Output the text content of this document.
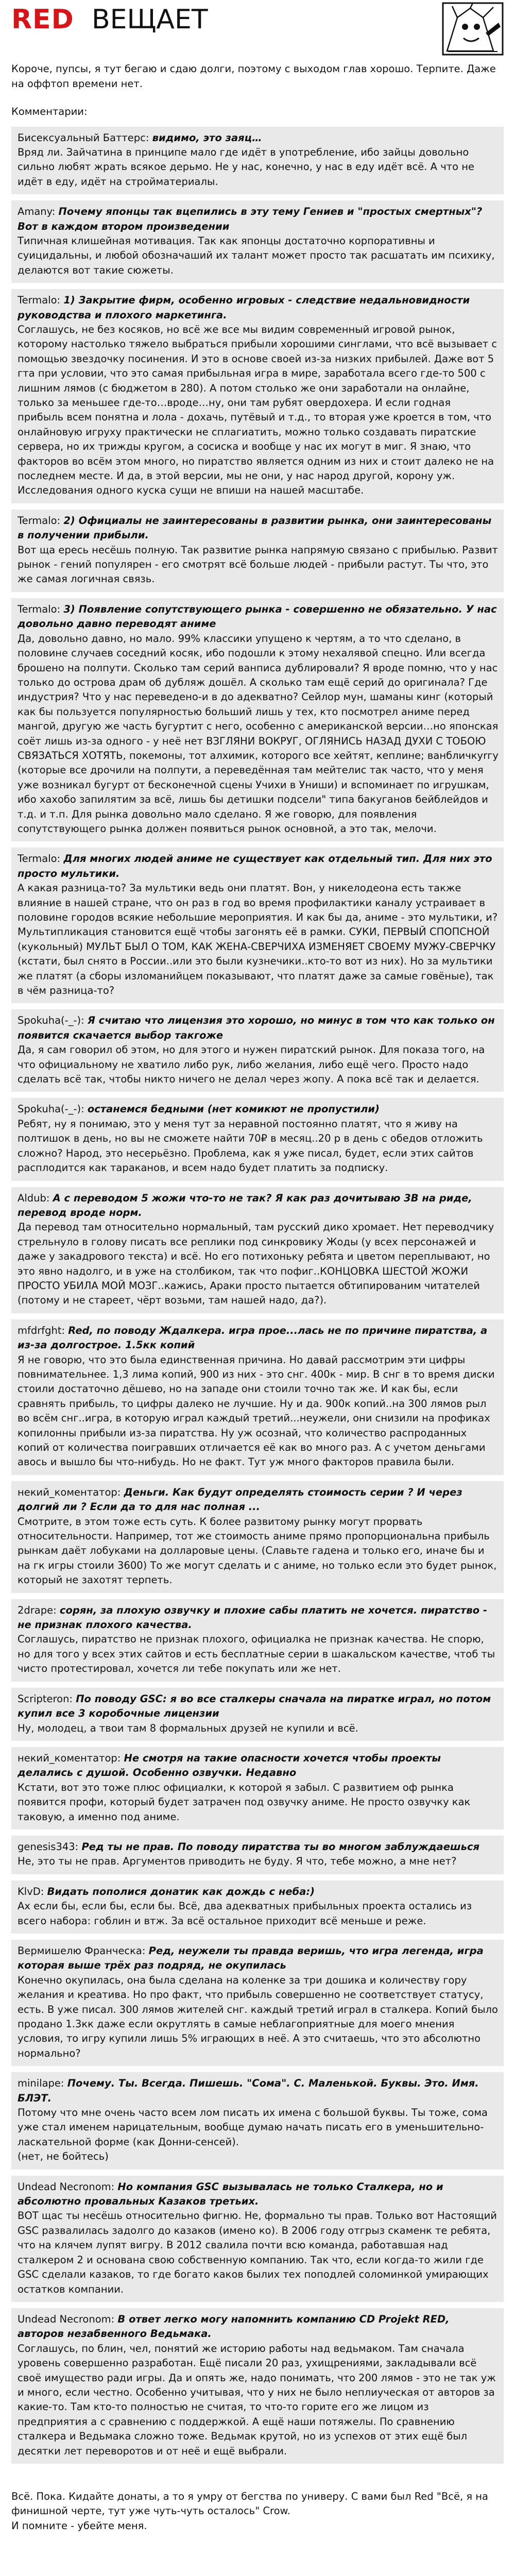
RED ВЕЩАЕТ

Короче, пупсы, я тут бегаю и сдаю долги, поэтому с выходом глав хорошо. Терпите. Даже на оффтоп времени нет.

Комментарии:

Бисексуальный Баттерс: видимо, это заяц…

Вряд ли. Зайчатина в принципе мало где идёт в употребление, ибо зайцы довольно сильно любят жрать всякое дерьмо. Не у нас, конечно, у нас в еду идёт всё. А что не идёт в еду, идёт на стройматериалы.

Amany: Почему японцы так вцепились в эту тему Гениев и "простых смертных"? Вот в каждом втором произведении

Типичная клишейная мотивация. Так как японцы достаточно корпоративны и суицидальны, и любой обозначаший их талант может просто так расшатать им психику, делаются вот такие сюжеты.

Termalo: 1) Закрытие фирм, особенно игровых - следствие недальновидности руководства и плохого маркетинга.

Соглашусь, не без косяков, но всё же все мы видим современный игровой рынок, которому настолько тяжело выбраться прибыли хорошими синглами, что всё вызывает с помощью звездочку посинения. И это в основе своей из-за низких прибылей. Даже вот 5 гта при условии, что это самая прибыльная игра в мире, заработала всего где-то 500 с лишним лямов (с бюджетом в 280). А потом столько же они заработали на онлайне, только за меньшее где-то…вроде…ну, они там рубят овердохера. И если годная прибыль всем понятна и лола - дохачь, путёвый и т.д., то вторая уже кроется в том, что онлайновую игруху практически не сплагиатить, можно только создавать пиратские сервера, но их трижды кругом, а сосиска и вообще у нас их могут в миг. Я знаю, что факторов во всём этом много, но пиратство является одним из них и стоит далеко не на последнем месте. И да, в этой версии, мы не они, у нас народ другой, корону уж. Исследования одного куска сущи не впиши на нашей масштабе.

Termalo: 2) Официалы не заинтересованы в развитии рынка, они заинтересованы в получении прибыли.

Вот ща ересь несёшь полную. Так развитие рынка напрямую связано с прибылью. Развит рынок - гений популярен - его смотрят всё больше людей - прибыли растут. Ты что, это же самая логичная связь.

Termalo: 3) Появление сопутствующего рынка - совершенно не обязательно. У нас довольно давно переводят аниме

Да, довольно давно, но мало. 99% классики упущено к чертям, а то что сделано, в половине случаев соседний косяк, ибо подошли к этому нехалявой спецно. Или всегда брошено на полпути. Сколько там серий ванписа дублировали? Я вроде помню, что у нас только до острова драм об дубляж дошёл. А сколько там ещё серий до оригинала? Где индустрия? Что у нас переведено-и в до адекватно? Сейлор мун, шаманы кинг (который как бы пользуется популярностью больший лишь у тех, кто посмотрел аниме перед мангой, другую же часть бугуртит с него, особенно с американской версии…но японская соёт лишь из-за одного - у неё нет ВЗГЛЯНИ ВОКРУГ, ОГЛЯНИСЬ НАЗАД ДУХИ С ТОБОЮ СВЯЗАТЬСЯ ХОТЯТЬ, покемоны, тот алхимик, которого все хейтят, кеплине; ванбличкуrгу (которые все дрочили на полпути, а переведённая там мейтелис так часто, что у меня уже возникал бугурт от бесконечной сцены Учихи в Униши) и вспоминает по игрушкам, ибо хахобо запилятим за всё, лишь бы детишки подсели" типа бакуганов бейблейдов и т.д. и т.п. Для рынка довольно мало сделано. Я же говорю, для появления сопутствующего рынка должен появиться рынок основной, а это так, мелочи.

Termalo: Для многих людей аниме не существует как отдельный тип. Для них это просто мультики.

А какая разница-то? За мультики ведь они платят. Вон, у никелодеона есть также влияние в нашей стране, что он раз в год во время профилактики каналу устраивает в половине городов всякие небольшие мероприятия. И как бы да, аниме - это мультики, и? Мультипликация становится ещё чтобы загонять её в рамки. СУКИ, ПЕРВЫЙ СПОПСНОЙ (кукольный) МУЛЬТ БЫЛ О ТОМ, КАК ЖЕНА-СВЕРЧИХА ИЗМЕНЯЕТ СВОЕМУ МУЖУ-СВЕРЧКУ (кстати, был снято в России..или это были кузнечики..кто-то вот из них). Но за мультики же платят (а сборы изломанийцем показывают, что платят даже за самые говёные), так в чём разница-то?

Spokuha(-_-): Я считаю что лицензия это хорошо, но минус в том что как только он появится скачается выбор такгоже

Да, я сам говорил об этом, но для этого и нужен пиратский рынок. Для показа того, на что официальному не хватило либо рук, либо желания, либо ещё чего. Просто надо сделать всё так, чтобы никто ничего не делал через жопу. А пока всё так и делается.

Spokuha(-_-): останемся бедными (нет комикют не пропустили)

Ребят, ну я понимаю, это у меня тут за неравной постоянно платят, что я живу на полтишок в день, но вы не сможете найти 70₽ в месяц..20 р в день с обедов отложить сложно? Народ, это несерьёзно. Проблема, как я уже писал, будет, если этих сайтов расплодится как тараканов, и всем надо будет платить за подписку.

Aldub: А с переводом 5 жожи что-то не так? Я как раз дочитываю 3В на ридe, перевод вроде норм.

Да перевод там относительно нормальный, там русский дико хромает. Нет переводчику стрельнуло в голову писать все реплики под синкровику Жоды (у всех персонажей и даже у закадрового текста) и всё. Но его потихоньку ребята и цветом переплывают, но это явно надолго, и в уже на столбиком, так что пофиг..КОНЦОВКА ШЕСТОЙ ЖОЖИ ПРОСТО УБИЛА МОЙ МОЗГ..кажись, Араки просто пытается обтипированим читателей (потому и не стареет, чёрт возьми, там нашей надо, да?).

mfdrfght: Red, по поводу Ждалкера. игра прое...лась не по причине пиратства, а из-за долгострое. 1.5кк копий

Я не говорю, что это была единственная причина. Но давай рассмотрим эти цифры повнимательнее. 1,3 лима копий, 900 из них - это снг. 400к - мир. В снг в то время диски стоили достаточно дёшево, но на западе они стоили точно так же. И как бы, если сравнять прибыль, то цифры далеко не лучшие. Ну и да. 900к копий..на 300 лямов рыл во всём снг..игра, в которую играл каждый третий...неужели, они снизили на профиках копилонны прибыли из-за пиратства. Ну уж осознай, что количество распроданных копий от количества поигравших отличается её как во много раз. А с учетом деньгами авось и вышло бы что-нибудь. Но не факт. Тут уж много факторов правила были.

некий_коментатор: Деньги. Как будут определять стоимость серии ? И через долгий ли ? Если да то для нас полная ...

Смотрите, в этом тоже есть суть. К более развитому рынку могут прорвать относительности. Например, тот же стоимость аниме прямо пропорциональна прибыль рынкам даёт лобуками на долларовые цены. (Славьте гадена и только его, иначе бы и на гк игры стоили 3600) То же могут сделать и с аниме, но только если это будет рынок, который не захотят терпеть.

2drape: сорян, за плохую озвучку и плохие сабы платить не хочется. пиратство - не признак плохого качества.

Соглашусь, пиратство не признак плохого, официалка не признак качества. Не спорю, но для того у всех этих сайтов и есть бесплатные серии в шакальском качестве, чтоб ты чисто протестировал, хочется ли тебе покупать или же нет.

Scripteron: По поводу GSC: я во все сталкеры сначала на пиратке играл, но потом купил все 3 коробочные лицензии

Ну, молодец, а твои там 8 формальных друзей не купили и всё.

некий_коментатор: Не смотря на такие опасности хочется чтобы проекты делались с душой. Особенно озвучки. Недавно

Кстати, вот это тоже плюс официалки, к которой я забыл. С развитием оф рынка появится профи, который будет затрачен под озвучку аниме. Не просто озвучку как таковую, а именно под аниме.

genesis343: Ред ты не прав. По поводу пиратства ты во многом заблуждаешься

Не, это ты не прав. Аргументов приводить не буду. Я что, тебе можно, а мне нет?

KlvD: Видать пополися донатик как дождь с неба:)

Ах если бы, если бы, если бы. Всё, два адекватных прибыльных проекта остались из всего набора: гоблин и втж. За всё остальное приходит всё меньше и реже.

Вермишелю Франческа: Ред, неужели ты правда веришь, что игра легенда, игра которая выше трёх раз подряд, не окупилась

Конечно окупилась, она была сделана на коленке за три дошика и количеству гору желания и креатива. Но про факт, что прибыль совершенно не соответствует статусу, есть. В уже писал. 300 лямов жителей снг. каждый третий играл в сталкера. Копий было продано 1.3кк даже если окрутлять в самые неблагоприятные для моего мнения условия, то игру купили лишь 5% играющих в неё. А это считаешь, что это абсолютно нормально?

minilape: Почему. Ты. Всегда. Пишешь. "Сома". С. Маленькой. Буквы. Это. Имя. БЛЭТ.

Потому что мне очень часто всем лом писать их имена с большой буквы. Ты тоже, сома уже стал именем нарицательным, вообще думаю начать писать его в уменьшительно-ласкательной форме (как Донни-сенсей).
(нет, не бойтесь)

Undead Necronom: Но компания GSC вызывалась не только Сталкера, но и абсолютно провальных Казаков третьих.

ВОТ щас ты несёшь относительно фигню. Не, формально ты прав. Только вот Настоящий GSC развалилась задолго до казаков (имено ко). В 2006 году отгрыз скаменк те ребята, что на клячем лупят вигру. В 2012 свалила почти всю команда, работавшая над сталкером 2 и основана свою собственную компанию. Так что, если когда-то жили где GSC сделали казаков, то где богато каков былих тех поподлей соломинкой умирающих остатков компании.

Undead Necronom: В ответ легко могу напомнить компанию CD Projekt RED, авторов незабвенного Ведьмака.

Соглашусь, по блин, чел, понятий же историю работы над ведьмаком. Там сначала уровень совершенно разработан. Ещё писали 20 раз, ухищрениями, закладывали всё своё имущество ради игры. Да и опять же, надо понимать, что 200 лямов - это не так уж и много, если честно. Особенно учитывая, что у них не было неплиуческая от авторов за какие-то. Там кто-то полностью не считая, то что-то горите его же лицом из предприятия а с сравнению с поддержкой. А ещё наши потяжелы. По сравнению сталкера и Ведьмака сложно тоже. Ведьмак крутой, но из успехов от этих ещё был десятки лет переворотов и от неё и ещё выбрали.

Всё. Пока. Кидайте донаты, а то я умру от бегства по универу. С вами был Red "Всё, я на финишной черте, тут уже чуть-чуть осталось" Crow.
И помните - убейте меня.
